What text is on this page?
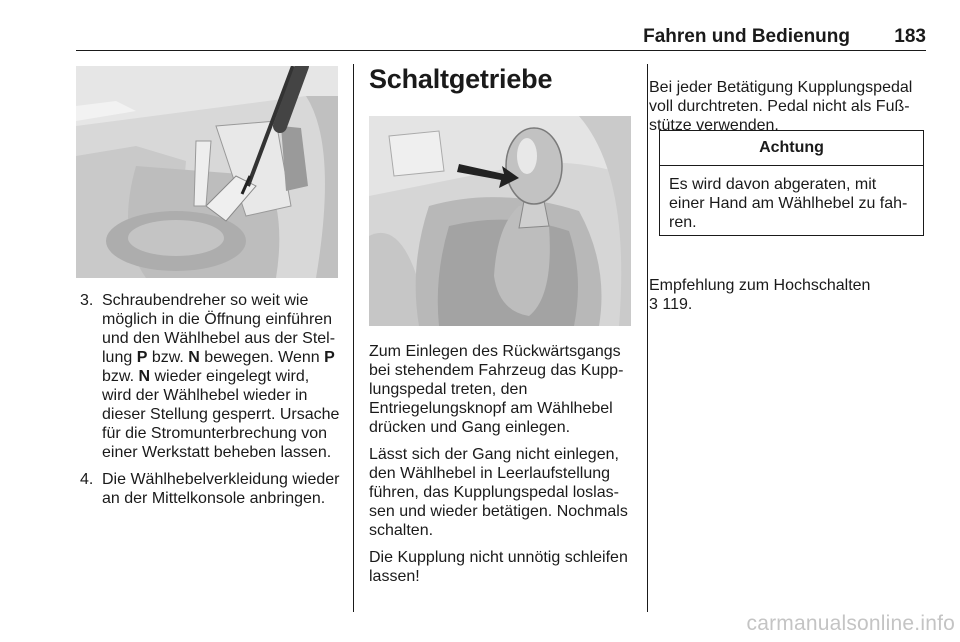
Fahren und Bedienung	183
3. Schraubendreher so weit wie möglich in die Öffnung einführen und den Wählhebel aus der Stellung P bzw. N bewegen. Wenn P bzw. N wieder eingelegt wird, wird der Wählhebel wieder in dieser Stellung gesperrt. Ursache für die Stromunterbrechung von einer Werkstatt beheben lassen.
4. Die Wählhebelverkleidung wieder an der Mittelkonsole anbringen.
Schaltgetriebe

Zum Einlegen des Rückwärtsgangs bei stehendem Fahrzeug das Kupplungspedal treten, den Entriegelungsknopf am Wählhebel drücken und Gang einlegen.

Lässt sich der Gang nicht einlegen, den Wählhebel in Leerlaufstellung führen, das Kupplungspedal loslassen und wieder betätigen. Nochmals schalten.

Die Kupplung nicht unnötig schleifen lassen!

Bei jeder Betätigung Kupplungspedal voll durchtreten. Pedal nicht als Fußstütze verwenden.

Achtung
Es wird davon abgeraten, mit einer Hand am Wählhebel zu fahren.
Empfehlung zum Hochschalten
3 119.
carmanualsonline.info
